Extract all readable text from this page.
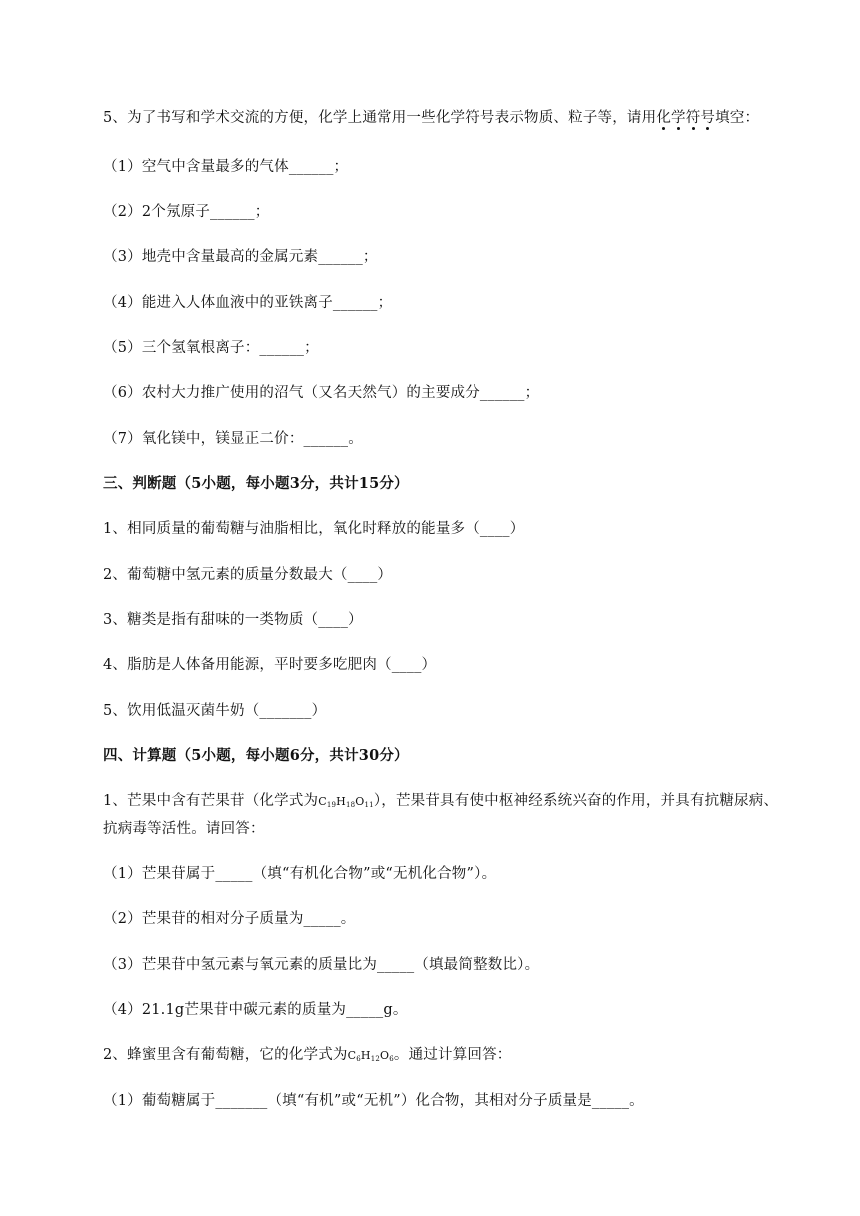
5、为了书写和学术交流的方便，化学上通常用一些化学符号表示物质、粒子等，请用化学符号
填空：
（1）空气中含量最多的气体______；
（2）2个氖原子______；
（3）地壳中含量最高的金属元素______；
（4）能进入人体血液中的亚铁离子______；
（5）三个氢氧根离子：______；
（6）农村大力推广使用的沼气（又名天然气）的主要成分______；
（7）氧化镁中，镁显正二价：______。
三、判断题（5小题，每小题3分，共计15分）
1、相同质量的葡萄糖与油脂相比，氧化时释放的能量多（____）
2、葡萄糖中氢元素的质量分数最大（____）
3、糖类是指有甜味的一类物质（____）
4、脂肪是人体备用能源，平时要多吃肥肉（____）
5、饮用低温灭菌牛奶（_______）
四、计算题（5小题，每小题6分，共计30分）
1、芒果中含有芒果苷（化学式为$C_{19}H_{18}O_{11}$），芒果苷具有使中枢神经系统兴奋的作用，并具有抗糖尿病、
抗病毒等活性。请回答：
（1）芒果苷属于_____（填“有机化合物”或“无机化合物”）。
（2）芒果苷的相对分子质量为_____。
（3）芒果苷中氢元素与氧元素的质量比为_____（填最简整数比）。
（4）21.1g芒果苷中碳元素的质量为_____g。
2、蜂蜜里含有葡萄糖，它的化学式为$C_6H_{12}O_6$。通过计算回答：
（1）葡萄糖属于_______（填“有机”或“无机”）化合物，其相对分子质量是_____。
